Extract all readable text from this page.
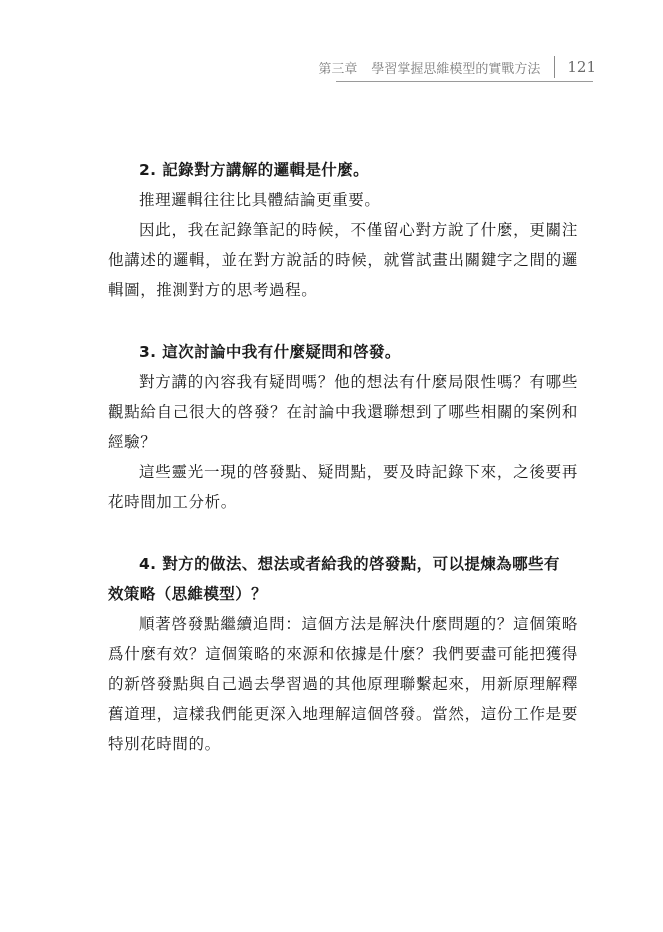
第三章 學習掌握思維模型的實戰方法 121

2. 記錄對方講解的邏輯是什麼。

推理邏輯往往比具體結論更重要。

因此，我在記錄筆記的時候，不僅留心對方說了什麼，更關注他講述的邏輯，並在對方說話的時候，就嘗試畫出關鍵字之間的邏輯圖，推測對方的思考過程。

3. 這次討論中我有什麼疑問和啓發。

對方講的內容我有疑問嗎？他的想法有什麼局限性嗎？有哪些觀點給自己很大的啓發？在討論中我還聯想到了哪些相關的案例和經驗？

這些靈光一現的啓發點、疑問點，要及時記錄下來，之後要再花時間加工分析。

4. 對方的做法、想法或者給我的啓發點，可以提煉為哪些有

效策略（思維模型）？

順著啓發點繼續追問：這個方法是解決什麼問題的？這個策略爲什麼有效？這個策略的來源和依據是什麼？我們要盡可能把獲得的新啓發點與自己過去學習過的其他原理聯繫起來，用新原理解釋舊道理，這樣我們能更深入地理解這個啓發。當然，這份工作是要特別花時間的。
